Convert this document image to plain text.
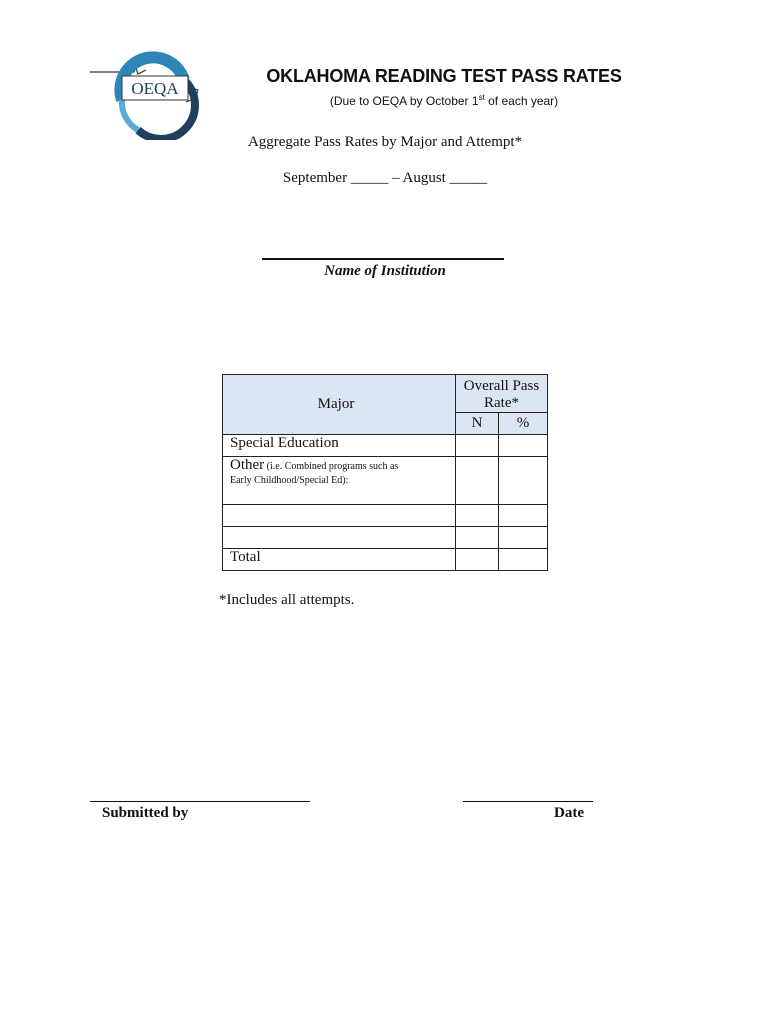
OEQA
OKLAHOMA READING TEST PASS RATES
(Due to OEQA by October 1st of each year)
Aggregate Pass Rates by Major and Attempt*
September _____ – August _____
Name of Institution
Major	Overall Pass Rate*	
	N	%
Special Education		
Other (i.e. Combined programs such as
Early Childhood/Special Ed):		

Total		
*Includes all attempts.
Submitted by	Date
